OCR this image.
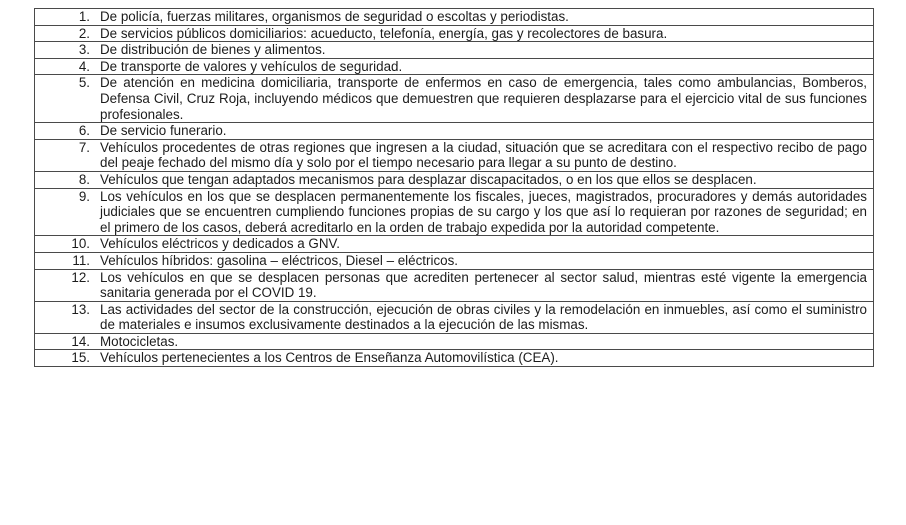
1. De policía, fuerzas militares, organismos de seguridad o escoltas y periodistas.

2. De servicios públicos domiciliarios: acueducto, telefonía, energía, gas y recolectores de basura.

3. De distribución de bienes y alimentos.

4. De transporte de valores y vehículos de seguridad.

5. De atención en medicina domiciliaria, transporte de enfermos en caso de emergencia, tales como ambulancias, Bomberos, Defensa Civil, Cruz Roja, incluyendo médicos que demuestren que requieren desplazarse para el ejercicio vital de sus funciones profesionales.

6. De servicio funerario.

7. Vehículos procedentes de otras regiones que ingresen a la ciudad, situación que se acreditara con el respectivo recibo de pago del peaje fechado del mismo día y solo por el tiempo necesario para llegar a su punto de destino.

8. Vehículos que tengan adaptados mecanismos para desplazar discapacitados, o en los que ellos se desplacen.

9. Los vehículos en los que se desplacen permanentemente los fiscales, jueces, magistrados, procuradores y demás autoridades judiciales que se encuentren cumpliendo funciones propias de su cargo y los que así lo requieran por razones de seguridad; en el primero de los casos, deberá acreditarlo en la orden de trabajo expedida por la autoridad competente.

10. Vehículos eléctricos y dedicados a GNV.

11. Vehículos híbridos: gasolina – eléctricos, Diesel – eléctricos.

12. Los vehículos en que se desplacen personas que acrediten pertenecer al sector salud, mientras esté vigente la emergencia sanitaria generada por el COVID 19.

13. Las actividades del sector de la construcción, ejecución de obras civiles y la remodelación en inmuebles, así como el suministro de materiales e insumos exclusivamente destinados a la ejecución de las mismas.

14. Motocicletas.

15. Vehículos pertenecientes a los Centros de Enseñanza Automovilística (CEA).
